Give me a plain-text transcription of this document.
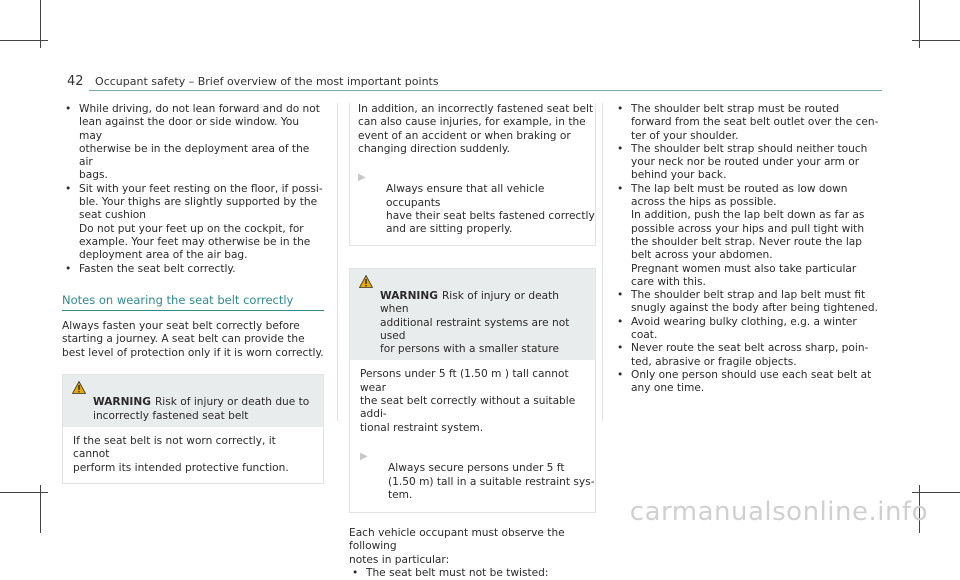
42 Occupant safety – Brief overview of the most important points
• While driving, do not lean forward and do not
lean against the door or side window. You may
otherwise be in the deployment area of the air
bags.
• Sit with your feet resting on the floor, if possi-
ble. Your thighs are slightly supported by the
seat cushion
Do not put your feet up on the cockpit, for
example. Your feet may otherwise be in the
deployment area of the air bag.
• Fasten the seat belt correctly.
Notes on wearing the seat belt correctly

Always fasten your seat belt correctly before
starting a journey. A seat belt can provide the
best level of protection only if it is worn correctly.

WARNING Risk of injury or death due to
incorrectly fastened seat belt

If the seat belt is not worn correctly, it cannot
perform its intended protective function.

In addition, an incorrectly fastened seat belt
can also cause injuries, for example, in the
event of an accident or when braking or
changing direction suddenly.

▶
Always ensure that all vehicle occupants
have their seat belts fastened correctly
and are sitting properly.

WARNING Risk of injury or death when
additional restraint systems are not used
for persons with a smaller stature

Persons under 5 ft (1.50 m ) tall cannot wear
the seat belt correctly without a suitable addi-
tional restraint system.

▶
Always secure persons under 5 ft
(1.50 m) tall in a suitable restraint sys-
tem.

Each vehicle occupant must observe the following
notes in particular:

• The seat belt must not be twisted:
• The shoulder belt strap must be routed
forward from the seat belt outlet over the cen-
ter of your shoulder.
• The shoulder belt strap should neither touch
your neck nor be routed under your arm or
behind your back.
• The lap belt must be routed as low down
across the hips as possible.
In addition, push the lap belt down as far as
possible across your hips and pull tight with
the shoulder belt strap. Never route the lap
belt across your abdomen.
Pregnant women must also take particular
care with this.
• The shoulder belt strap and lap belt must fit
snugly against the body after being tightened.
• Avoid wearing bulky clothing, e.g. a winter
coat.
• Never route the seat belt across sharp, poin-
ted, abrasive or fragile objects.
• Only one person should use each seat belt at
any one time.
carmanualsonline.info
